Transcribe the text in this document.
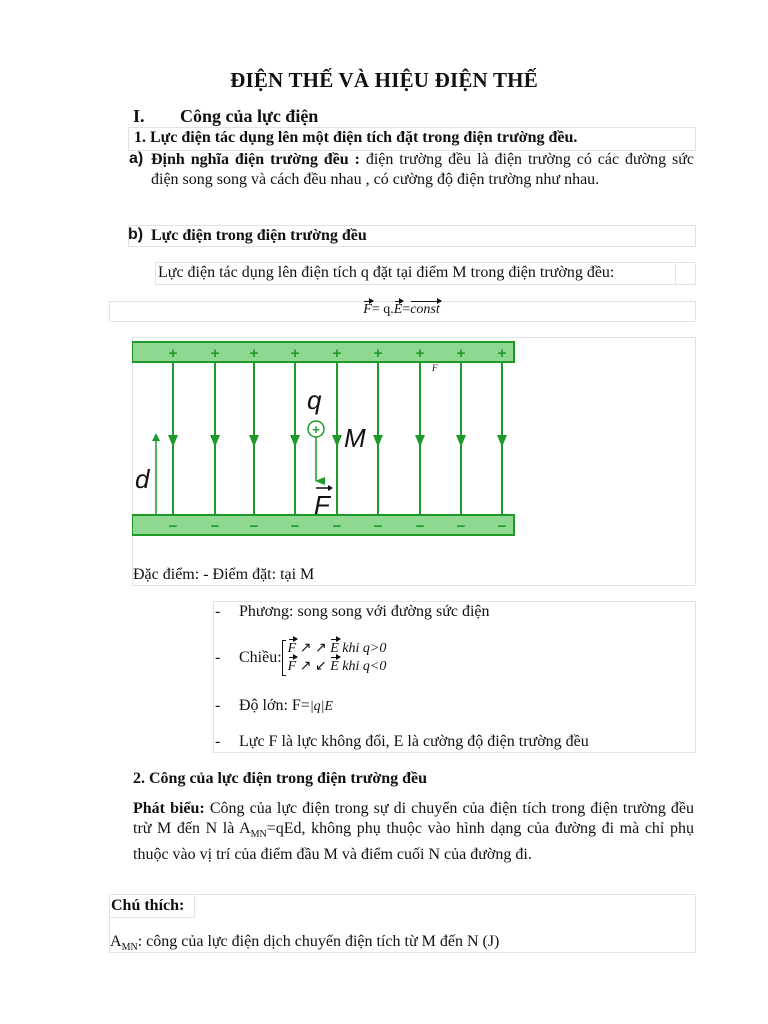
ĐIỆN THẾ VÀ HIỆU ĐIỆN THẾ
I. Công của lực điện
1. Lực điện tác dụng lên một điện tích đặt trong điện trường đều.
a) Định nghĩa điện trường đều : điện trường đều là điện trường có các đường sức điện song song và cách đều nhau , có cường độ điện trường như nhau.
b) Lực điện trong điện trường đều
Lực điện tác dụng lên điện tích q đặt tại điểm M trong điện trường đều:
F= q.E=const
+ + + + + + + + +
− − − − − − − − −
+
q
M
F
F
d
Đặc điểm: - Điểm đặt: tại M
- Phương: song song với đường sức điện
- Chiều:
F ↗ ↗ E khi q>0
F ↗ ↙ E khi q<0
- Độ lớn: F=|q|E
- Lực F là lực không đổi, E là cường độ điện trường đều
2. Công của lực điện trong điện trường đều
Phát biểu: Công của lực điện trong sự di chuyển của điện tích trong điện trường đều trừ M đến N là $A_{MN}=qEd$, không phụ thuộc vào hình dạng của đường đi mà chỉ phụ thuộc vào vị trí của điểm đầu M và điểm cuối N của đường đi.
Chú thích:
$A_{MN}$: công của lực điện dịch chuyển điện tích từ M đến N (J)
